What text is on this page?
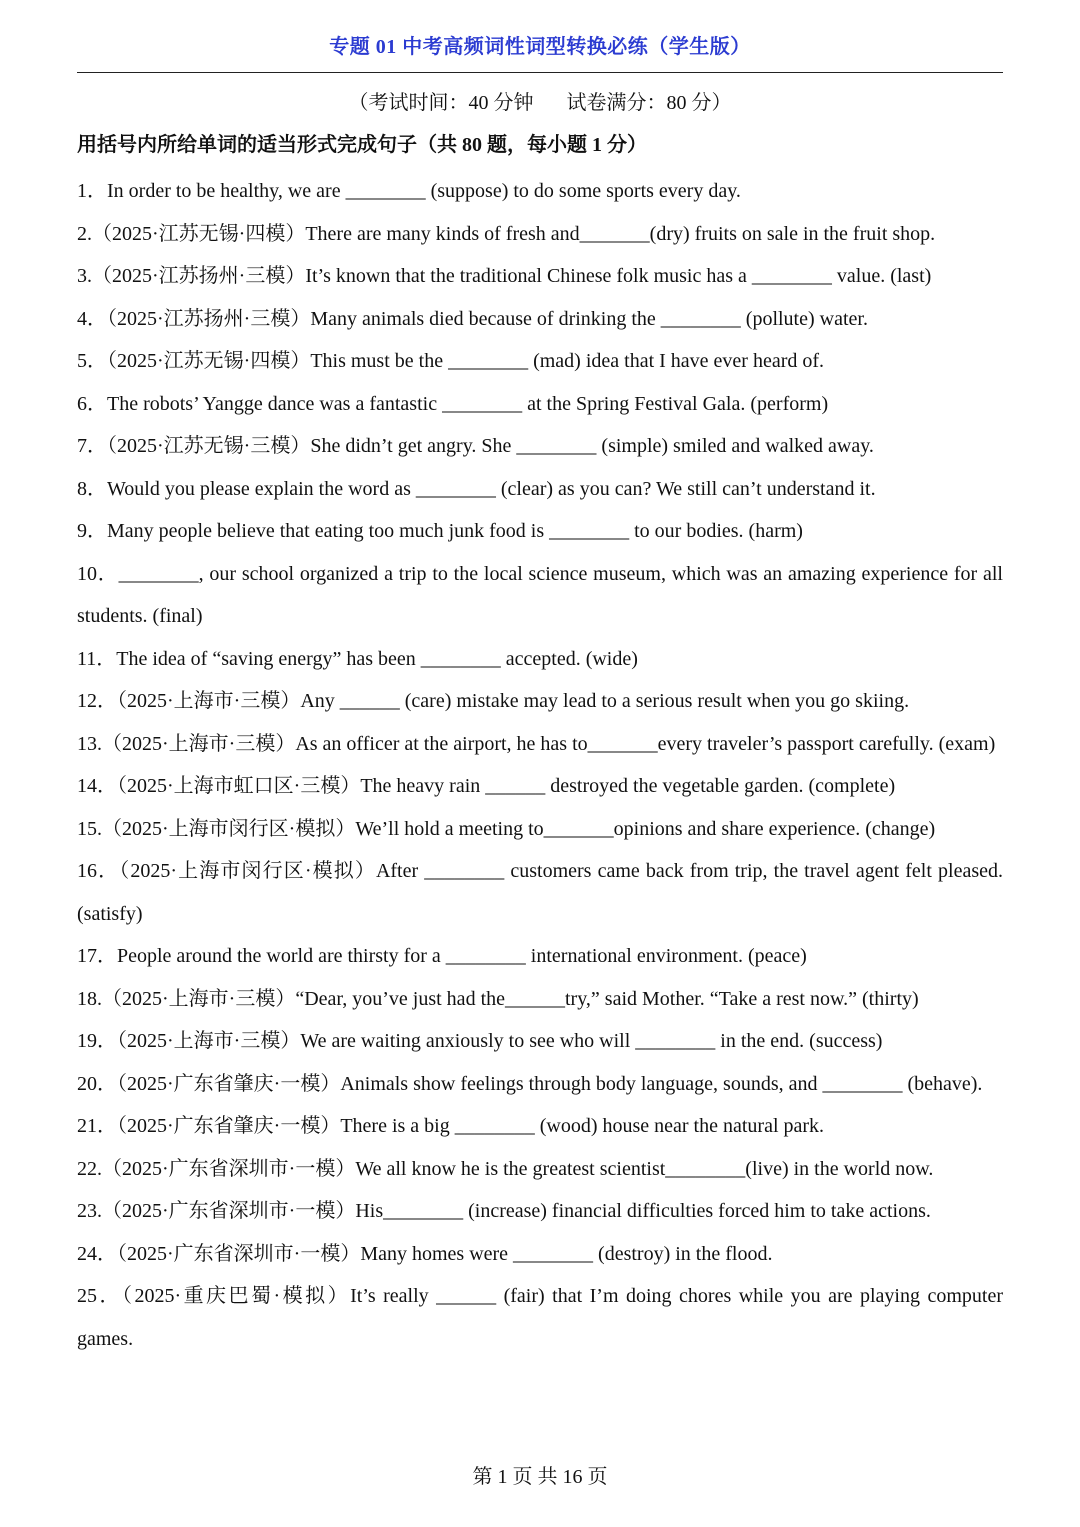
专题 01 中考高频词性词型转换必练（学生版）
（考试时间：40 分钟 试卷满分：80 分）
用括号内所给单词的适当形式完成句子（共 80 题，每小题 1 分）
1．In order to be healthy, we are ________ (suppose) to do some sports every day.
2.（2025·江苏无锡·四模）There are many kinds of fresh and_______(dry) fruits on sale in the fruit shop.
3.（2025·江苏扬州·三模）It’s known that the traditional Chinese folk music has a ________ value. (last)
4．（2025·江苏扬州·三模）Many animals died because of drinking the ________ (pollute) water.
5．（2025·江苏无锡·四模）This must be the ________ (mad) idea that I have ever heard of.
6．The robots’ Yangge dance was a fantastic ________ at the Spring Festival Gala. (perform)
7．（2025·江苏无锡·三模）She didn’t get angry. She ________ (simple) smiled and walked away.
8．Would you please explain the word as ________ (clear) as you can? We still can’t understand it.
9．Many people believe that eating too much junk food is ________ to our bodies. (harm)
10．________, our school organized a trip to the local science museum, which was an amazing experience for all students. (final)
11．The idea of “saving energy” has been ________ accepted. (wide)
12．（2025·上海市·三模）Any ______ (care) mistake may lead to a serious result when you go skiing.
13.（2025·上海市·三模）As an officer at the airport, he has to_______every traveler’s passport carefully. (exam)
14．（2025·上海市虹口区·三模）The heavy rain ______ destroyed the vegetable garden. (complete)
15.（2025·上海市闵行区·模拟）We’ll hold a meeting to_______opinions and share experience. (change)
16．（2025·上海市闵行区·模拟）After ________ customers came back from trip, the travel agent felt pleased. (satisfy)
17．People around the world are thirsty for a ________ international environment. (peace)
18.（2025·上海市·三模）“Dear, you’ve just had the______try,” said Mother. “Take a rest now.” (thirty)
19．（2025·上海市·三模）We are waiting anxiously to see who will ________ in the end. (success)
20．（2025·广东省肇庆·一模）Animals show feelings through body language, sounds, and ________ (behave).
21．（2025·广东省肇庆·一模）There is a big ________ (wood) house near the natural park.
22.（2025·广东省深圳市·一模）We all know he is the greatest scientist________(live) in the world now.
23.（2025·广东省深圳市·一模）His________ (increase) financial difficulties forced him to take actions.
24．（2025·广东省深圳市·一模）Many homes were ________ (destroy) in the flood.
25．（2025·重庆巴蜀·模拟）It’s really ______ (fair) that I’m doing chores while you are playing computer games.
第 1 页 共 16 页
